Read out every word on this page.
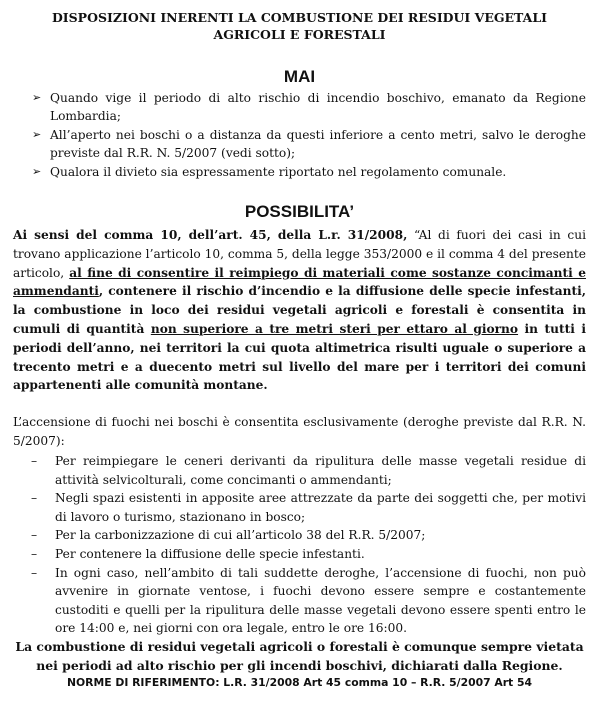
DISPOSIZIONI INERENTI LA COMBUSTIONE DEI RESIDUI VEGETALI AGRICOLI E FORESTALI

MAI

➢ Quando vige il periodo di alto rischio di incendio boschivo, emanato da Regione Lombardia;
➢ All’aperto nei boschi o a distanza da questi inferiore a cento metri, salvo le deroghe previste dal R.R. N. 5/2007 (vedi sotto);
➢ Qualora il divieto sia espressamente riportato nel regolamento comunale.

POSSIBILITA’

Ai sensi del comma 10, dell’art. 45, della L.r. 31/2008, “Al di fuori dei casi in cui trovano applicazione l’articolo 10, comma 5, della legge 353/2000 e il comma 4 del presente articolo, al fine di consentire il reimpiego di materiali come sostanze concimanti e ammendanti, contenere il rischio d’incendio e la diffusione delle specie infestanti, la combustione in loco dei residui vegetali agricoli e forestali è consentita in cumuli di quantità non superiore a tre metri steri per ettaro al giorno in tutti i periodi dell’anno, nei territori la cui quota altimetrica risulti uguale o superiore a trecento metri e a duecento metri sul livello del mare per i territori dei comuni appartenenti alle comunità montane.

L’accensione di fuochi nei boschi è consentita esclusivamente (deroghe previste dal R.R. N. 5/2007):

– Per reimpiegare le ceneri derivanti da ripulitura delle masse vegetali residue di attività selvicolturali, come concimanti o ammendanti;
– Negli spazi esistenti in apposite aree attrezzate da parte dei soggetti che, per motivi di lavoro o turismo, stazionano in bosco;
– Per la carbonizzazione di cui all’articolo 38 del R.R. 5/2007;
– Per contenere la diffusione delle specie infestanti.
– In ogni caso, nell’ambito di tali suddette deroghe, l’accensione di fuochi, non può avvenire in giornate ventose, i fuochi devono essere sempre e costantemente custoditi e quelli per la ripulitura delle masse vegetali devono essere spenti entro le ore 14:00 e, nei giorni con ora legale, entro le ore 16:00.

La combustione di residui vegetali agricoli o forestali è comunque sempre vietata nei periodi ad alto rischio per gli incendi boschivi, dichiarati dalla Regione.

NORME DI RIFERIMENTO: L.R. 31/2008 Art 45 comma 10 – R.R. 5/2007 Art 54
